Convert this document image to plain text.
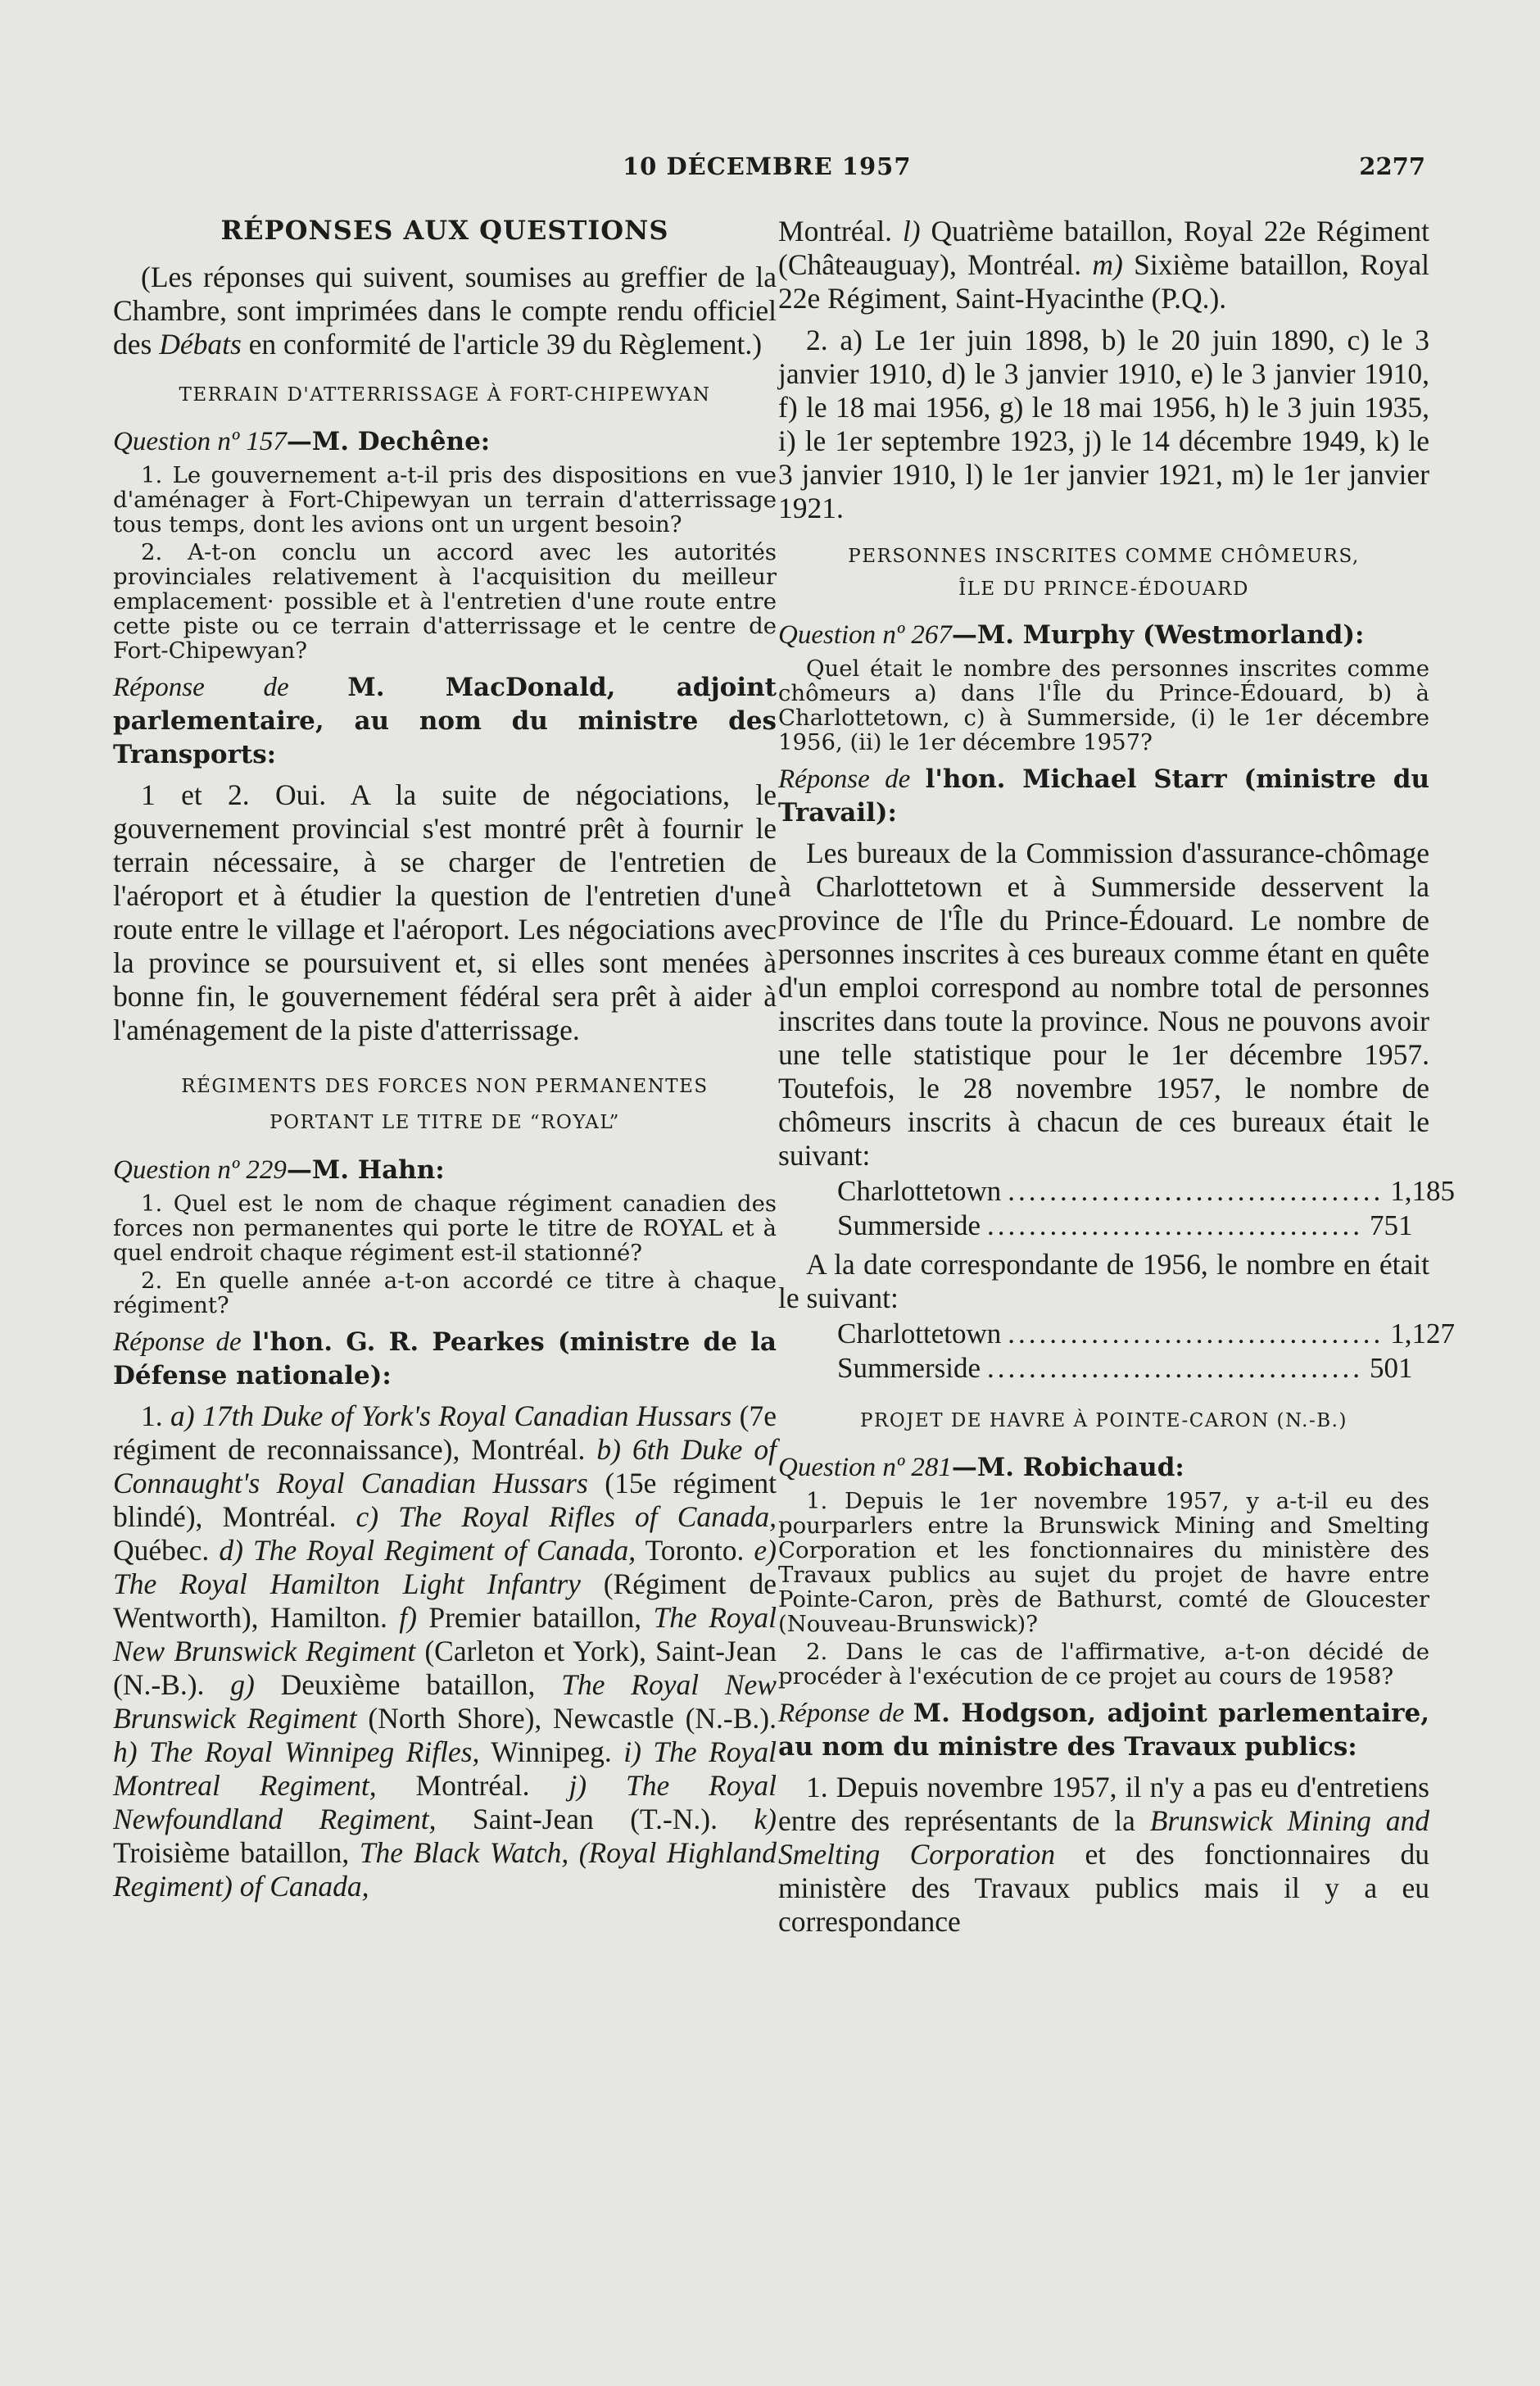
10 DÉCEMBRE 1957	2277
RÉPONSES AUX QUESTIONS

(Les réponses qui suivent, soumises au greffier de la Chambre, sont imprimées dans le compte rendu officiel des Débats en conformité de l'article 39 du Règlement.)

TERRAIN D'ATTERRISSAGE À FORT-CHIPEWYAN
Question nº 157—M. Dechêne:

1. Le gouvernement a-t-il pris des dispositions en vue d'aménager à Fort-Chipewyan un terrain d'atterrissage tous temps, dont les avions ont un urgent besoin?

2. A-t-on conclu un accord avec les autorités provinciales relativement à l'acquisition du meilleur emplacement· possible et à l'entretien d'une route entre cette piste ou ce terrain d'atterrissage et le centre de Fort-Chipewyan?

Réponse de M. MacDonald, adjoint parlementaire, au nom du ministre des Transports:

1 et 2. Oui. A la suite de négociations, le gouvernement provincial s'est montré prêt à fournir le terrain nécessaire, à se charger de l'entretien de l'aéroport et à étudier la question de l'entretien d'une route entre le village et l'aéroport. Les négociations avec la province se poursuivent et, si elles sont menées à bonne fin, le gouvernement fédéral sera prêt à aider à l'aménagement de la piste d'atterrissage.

RÉGIMENTS DES FORCES NON PERMANENTES
PORTANT LE TITRE DE “ROYAL”
Question nº 229—M. Hahn:

1. Quel est le nom de chaque régiment canadien des forces non permanentes qui porte le titre de ROYAL et à quel endroit chaque régiment est-il stationné?

2. En quelle année a-t-on accordé ce titre à chaque régiment?

Réponse de l'hon. G. R. Pearkes (ministre de la Défense nationale):

1. a) 17th Duke of York's Royal Canadian Hussars (7e régiment de reconnaissance), Montréal. b) 6th Duke of Connaught's Royal Canadian Hussars (15e régiment blindé), Montréal. c) The Royal Rifles of Canada, Québec. d) The Royal Regiment of Canada, Toronto. e) The Royal Hamilton Light Infantry (Régiment de Wentworth), Hamilton. f) Premier bataillon, The Royal New Brunswick Regiment (Carleton et York), Saint-Jean (N.-B.). g) Deuxième bataillon, The Royal New Brunswick Regiment (North Shore), Newcastle (N.-B.). h) The Royal Winnipeg Rifles, Winnipeg. i) The Royal Montreal Regiment, Montréal. j) The Royal Newfoundland Regiment, Saint-Jean (T.-N.). k) Troisième bataillon, The Black Watch, (Royal Highland Regiment) of Canada,

Montréal. l) Quatrième bataillon, Royal 22e Régiment (Châteauguay), Montréal. m) Sixième bataillon, Royal 22e Régiment, Saint-Hyacinthe (P.Q.).

2. a) Le 1er juin 1898, b) le 20 juin 1890, c) le 3 janvier 1910, d) le 3 janvier 1910, e) le 3 janvier 1910, f) le 18 mai 1956, g) le 18 mai 1956, h) le 3 juin 1935, i) le 1er septembre 1923, j) le 14 décembre 1949, k) le 3 janvier 1910, l) le 1er janvier 1921, m) le 1er janvier 1921.

PERSONNES INSCRITES COMME CHÔMEURS,
ÎLE DU PRINCE-ÉDOUARD
Question nº 267—M. Murphy (Westmorland):

Quel était le nombre des personnes inscrites comme chômeurs a) dans l'Île du Prince-Édouard, b) à Charlottetown, c) à Summerside, (i) le 1er décembre 1956, (ii) le 1er décembre 1957?

Réponse de l'hon. Michael Starr (ministre du Travail):

Les bureaux de la Commission d'assurance-chômage à Charlottetown et à Summerside desservent la province de l'Île du Prince-Édouard. Le nombre de personnes inscrites à ces bureaux comme étant en quête d'un emploi correspond au nombre total de personnes inscrites dans toute la province. Nous ne pouvons avoir une telle statistique pour le 1er décembre 1957. Toutefois, le 28 novembre 1957, le nombre de chômeurs inscrits à chacun de ces bureaux était le suivant:

Charlottetown .................................... 1,185
Summerside .................................... 751

A la date correspondante de 1956, le nombre en était le suivant:

Charlottetown .................................... 1,127
Summerside .................................... 501
PROJET DE HAVRE À POINTE-CARON (N.-B.)
Question nº 281—M. Robichaud:

1. Depuis le 1er novembre 1957, y a-t-il eu des pourparlers entre la Brunswick Mining and Smelting Corporation et les fonctionnaires du ministère des Travaux publics au sujet du projet de havre entre Pointe-Caron, près de Bathurst, comté de Gloucester (Nouveau-Brunswick)?

2. Dans le cas de l'affirmative, a-t-on décidé de procéder à l'exécution de ce projet au cours de 1958?

Réponse de M. Hodgson, adjoint parlementaire, au nom du ministre des Travaux publics:

1. Depuis novembre 1957, il n'y a pas eu d'entretiens entre des représentants de la Brunswick Mining and Smelting Corporation et des fonctionnaires du ministère des Travaux publics mais il y a eu correspondance
